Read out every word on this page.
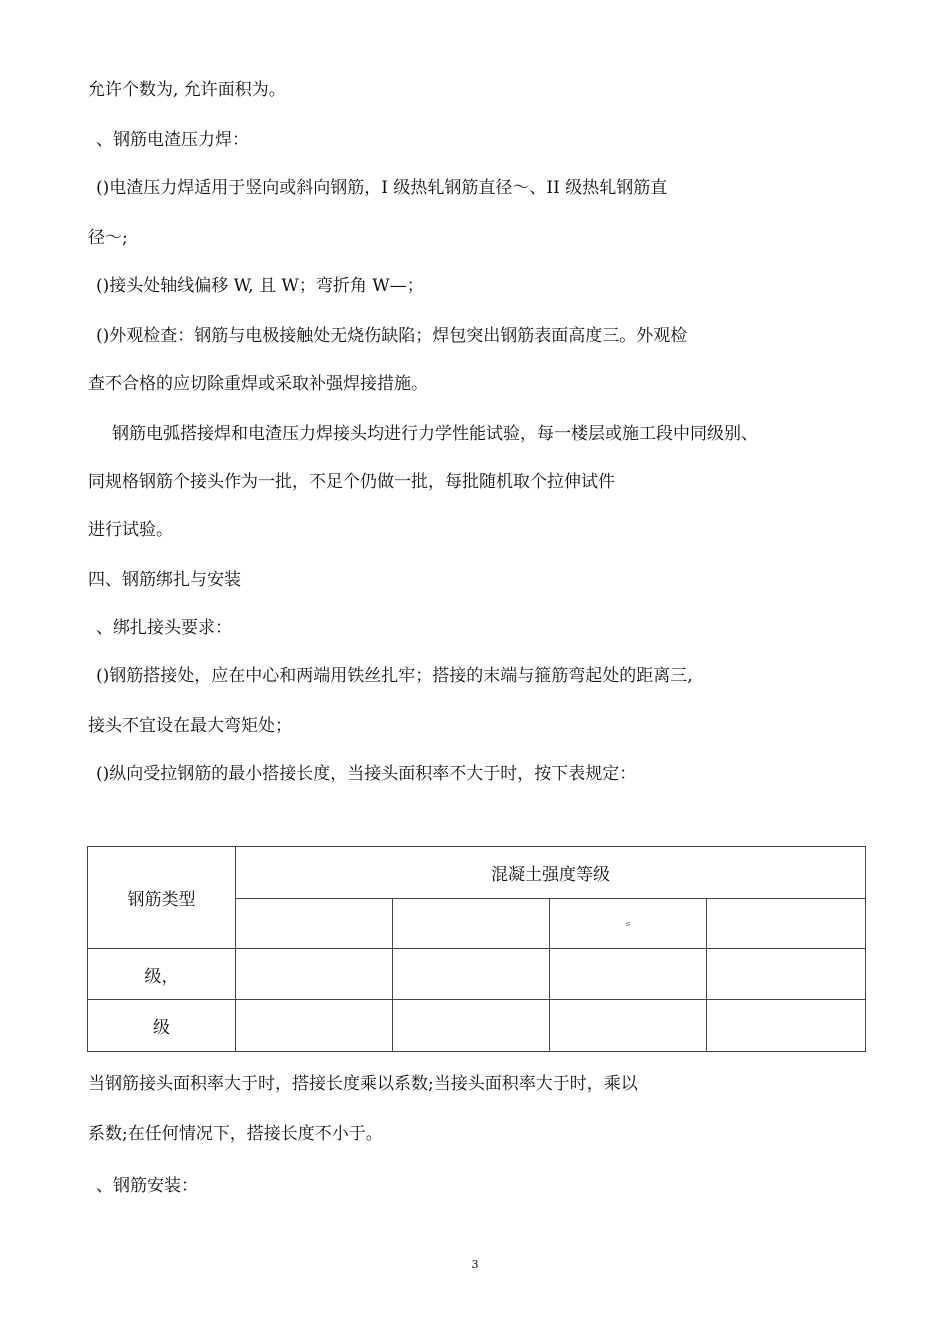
允许个数为, 允许面积为。
、钢筋电渣压力焊：
()电渣压力焊适用于竖向或斜向钢筋，I 级热轧钢筋直径～、II 级热轧钢筋直
径～;
()接头处轴线偏移 W, 且 W；弯折角 W—；
()外观检查：钢筋与电极接触处无烧伤缺陷；焊包突出钢筋表面高度三。外观检
查不合格的应切除重焊或采取补强焊接措施。
钢筋电弧搭接焊和电渣压力焊接头均进行力学性能试验，每一楼层或施工段中同级别、
同规格钢筋个接头作为一批，不足个仍做一批，每批随机取个拉伸试件
进行试验。
四、钢筋绑扎与安装
、绑扎接头要求：
()钢筋搭接处，应在中心和两端用铁丝扎牢；搭接的末端与箍筋弯起处的距离三,
接头不宜设在最大弯矩处；
()纵向受拉钢筋的最小搭接长度，当接头面积率不大于时，按下表规定：
钢筋类型	混凝土强度等级			
			≤	
级，				
级				
当钢筋接头面积率大于时，搭接长度乘以系数;当接头面积率大于时，乘以
系数;在任何情况下，搭接长度不小于。
、钢筋安装：
3
